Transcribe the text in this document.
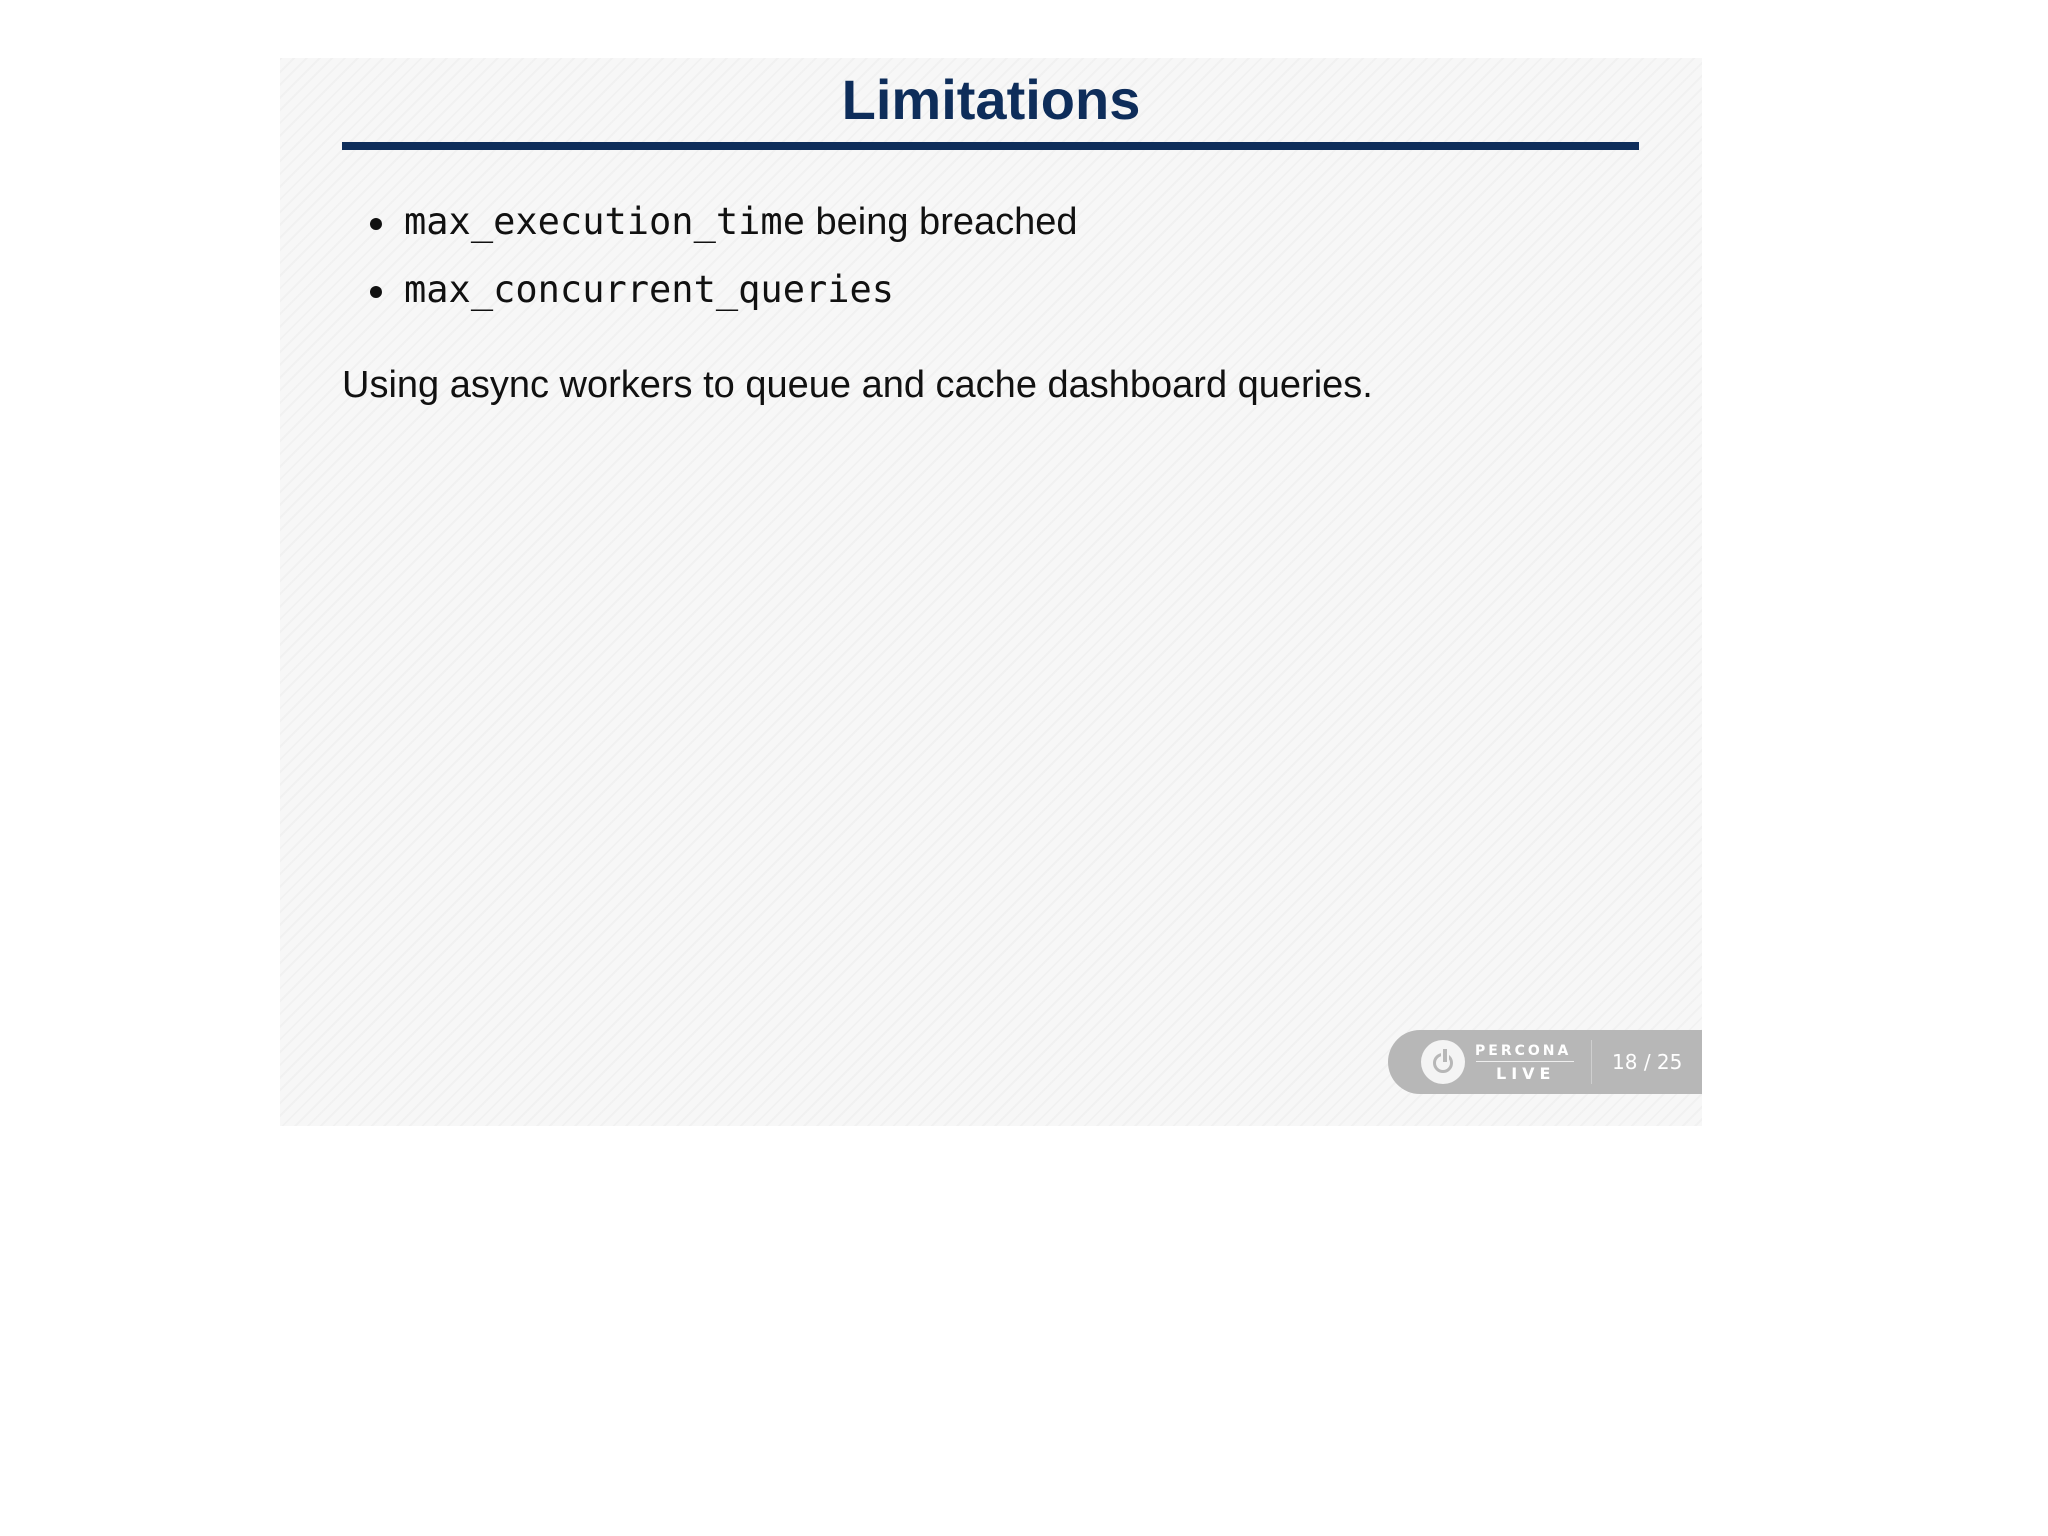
Limitations
max_execution_time being breached
max_concurrent_queries

Using async workers to queue and cache dashboard queries.

PERCONA
LIVE	18 / 25
